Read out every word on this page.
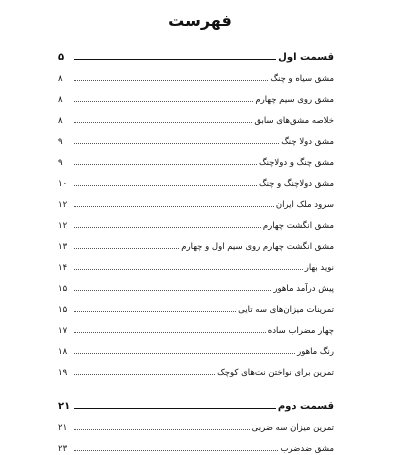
فهرست
قسمت اول
۵
مشق سیاه و چنگ
۸
مشق روی سیم چهارم
۸
خلاصه مشق‌های سابق
۸
مشق دولا چنگ
۹
مشق چنگ و دولاچنگ
۹
مشق دولاچنگ و چنگ
۱۰
سرود ملک ایران
۱۲
مشق انگشت چهارم
۱۲
مشق انگشت چهارم روی سیم اول و چهارم
۱۳
نوید بهار
۱۴
پیش درآمد ماهور
۱۵
تمرینات میزان‌های سه تایی
۱۵
چهار مضراب ساده
۱۷
رنگ ماهور
۱۸
تمرین برای نواختن نت‌های کوچک
۱۹
قسمت دوم
۲۱
تمرین میزان سه ضربی
۲۱
مشق ضدضرب
۲۳
